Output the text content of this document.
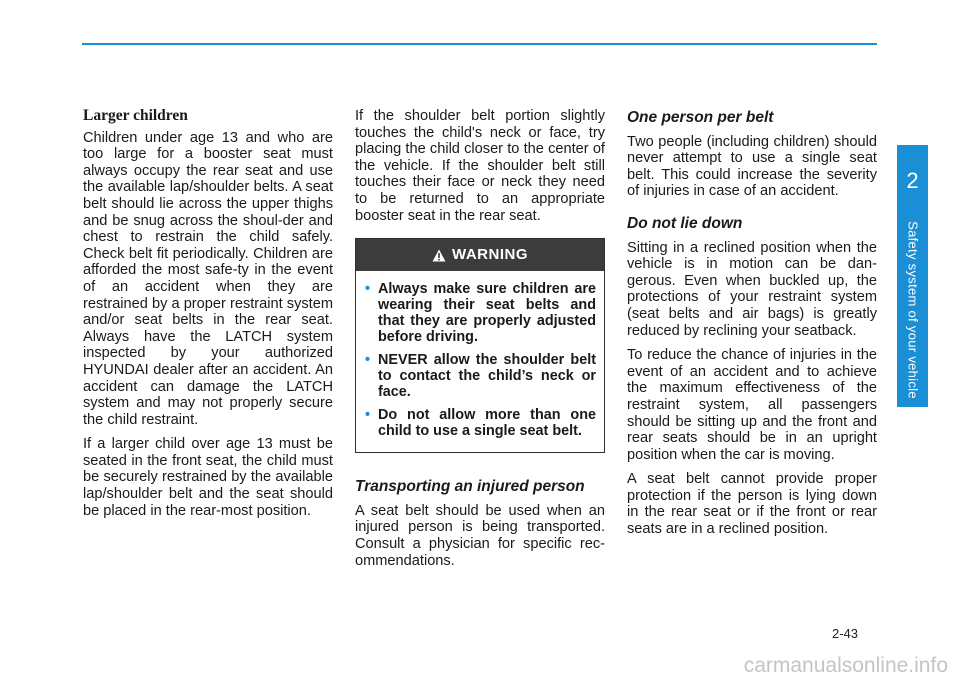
Larger children

Children under age 13 and who are too large for a booster seat must always occupy the rear seat and use the available lap/shoulder belts. A seat belt should lie across the upper thighs and be snug across the shoul-der and chest to restrain the child safely. Check belt fit periodically. Children are afforded the most safe-ty in the event of an accident when they are restrained by a proper restraint system and/or seat belts in the rear seat. Always have the LATCH system inspected by your authorized HYUNDAI dealer after an accident. An accident can damage the LATCH system and may not properly secure the child restraint.

If a larger child over age 13 must be seated in the front seat, the child must be securely restrained by the available lap/shoulder belt and the seat should be placed in the rear-most position.

If the shoulder belt portion slightly touches the child's neck or face, try placing the child closer to the center of the vehicle. If the shoulder belt still touches their face or neck they need to be returned to an appropriate booster seat in the rear seat.

WARNING
• Always make sure children are wearing their seat belts and that they are properly adjusted before driving.
• NEVER allow the shoulder belt to contact the child’s neck or face.
• Do not allow more than one child to use a single seat belt.
Transporting an injured person

A seat belt should be used when an injured person is being transported. Consult a physician for specific rec-ommendations.

One person per belt

Two people (including children) should never attempt to use a single seat belt. This could increase the severity of injuries in case of an accident.

Do not lie down

Sitting in a reclined position when the vehicle is in motion can be dan-gerous. Even when buckled up, the protections of your restraint system (seat belts and air bags) is greatly reduced by reclining your seatback.

To reduce the chance of injuries in the event of an accident and to achieve the maximum effectiveness of the restraint system, all passengers should be sitting up and the front and rear seats should be in an upright position when the car is moving.

A seat belt cannot provide proper protection if the person is lying down in the rear seat or if the front or rear seats are in a reclined position.

2
Safety system of your vehicle
2-43
carmanualsonline.info
